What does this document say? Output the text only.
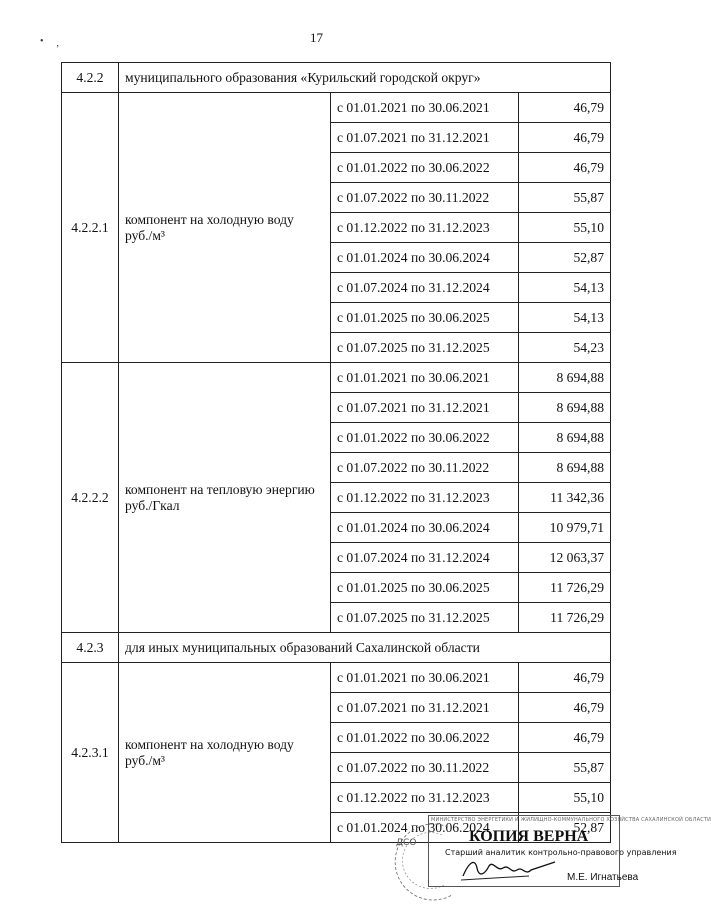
17
• ‚
4.2.2	муниципального образования «Курильский городской округ»		
4.2.2.1	компонент на холодную воду руб./м³	с 01.01.2021 по 30.06.2021	46,79
		с 01.07.2021 по 31.12.2021	46,79
		с 01.01.2022 по 30.06.2022	46,79
		с 01.07.2022 по 30.11.2022	55,87
		с 01.12.2022 по 31.12.2023	55,10
		с 01.01.2024 по 30.06.2024	52,87
		с 01.07.2024 по 31.12.2024	54,13
		с 01.01.2025 по 30.06.2025	54,13
		с 01.07.2025 по 31.12.2025	54,23
4.2.2.2	компонент на тепловую энергию руб./Гкал	с 01.01.2021 по 30.06.2021	8 694,88
		с 01.07.2021 по 31.12.2021	8 694,88
		с 01.01.2022 по 30.06.2022	8 694,88
		с 01.07.2022 по 30.11.2022	8 694,88
		с 01.12.2022 по 31.12.2023	11 342,36
		с 01.01.2024 по 30.06.2024	10 979,71
		с 01.07.2024 по 31.12.2024	12 063,37
		с 01.01.2025 по 30.06.2025	11 726,29
		с 01.07.2025 по 31.12.2025	11 726,29
4.2.3	для иных муниципальных образований Сахалинской области		
4.2.3.1	компонент на холодную воду руб./м³	с 01.01.2021 по 30.06.2021	46,79
		с 01.07.2021 по 31.12.2021	46,79
		с 01.01.2022 по 30.06.2022	46,79
		с 01.07.2022 по 30.11.2022	55,87
		с 01.12.2022 по 31.12.2023	55,10
		с 01.01.2024 по 30.06.2024	52,87
ДСО
МИНИСТЕРСТВО ЭНЕРГЕТИКИ И ЖИЛИЩНО-КОММУНАЛЬНОГО ХОЗЯЙСТВА САХАЛИНСКОЙ ОБЛАСТИ
КОПИЯ ВЕРНА
Старший аналитик контрольно-правового управления
М.Е. Игнатьева
